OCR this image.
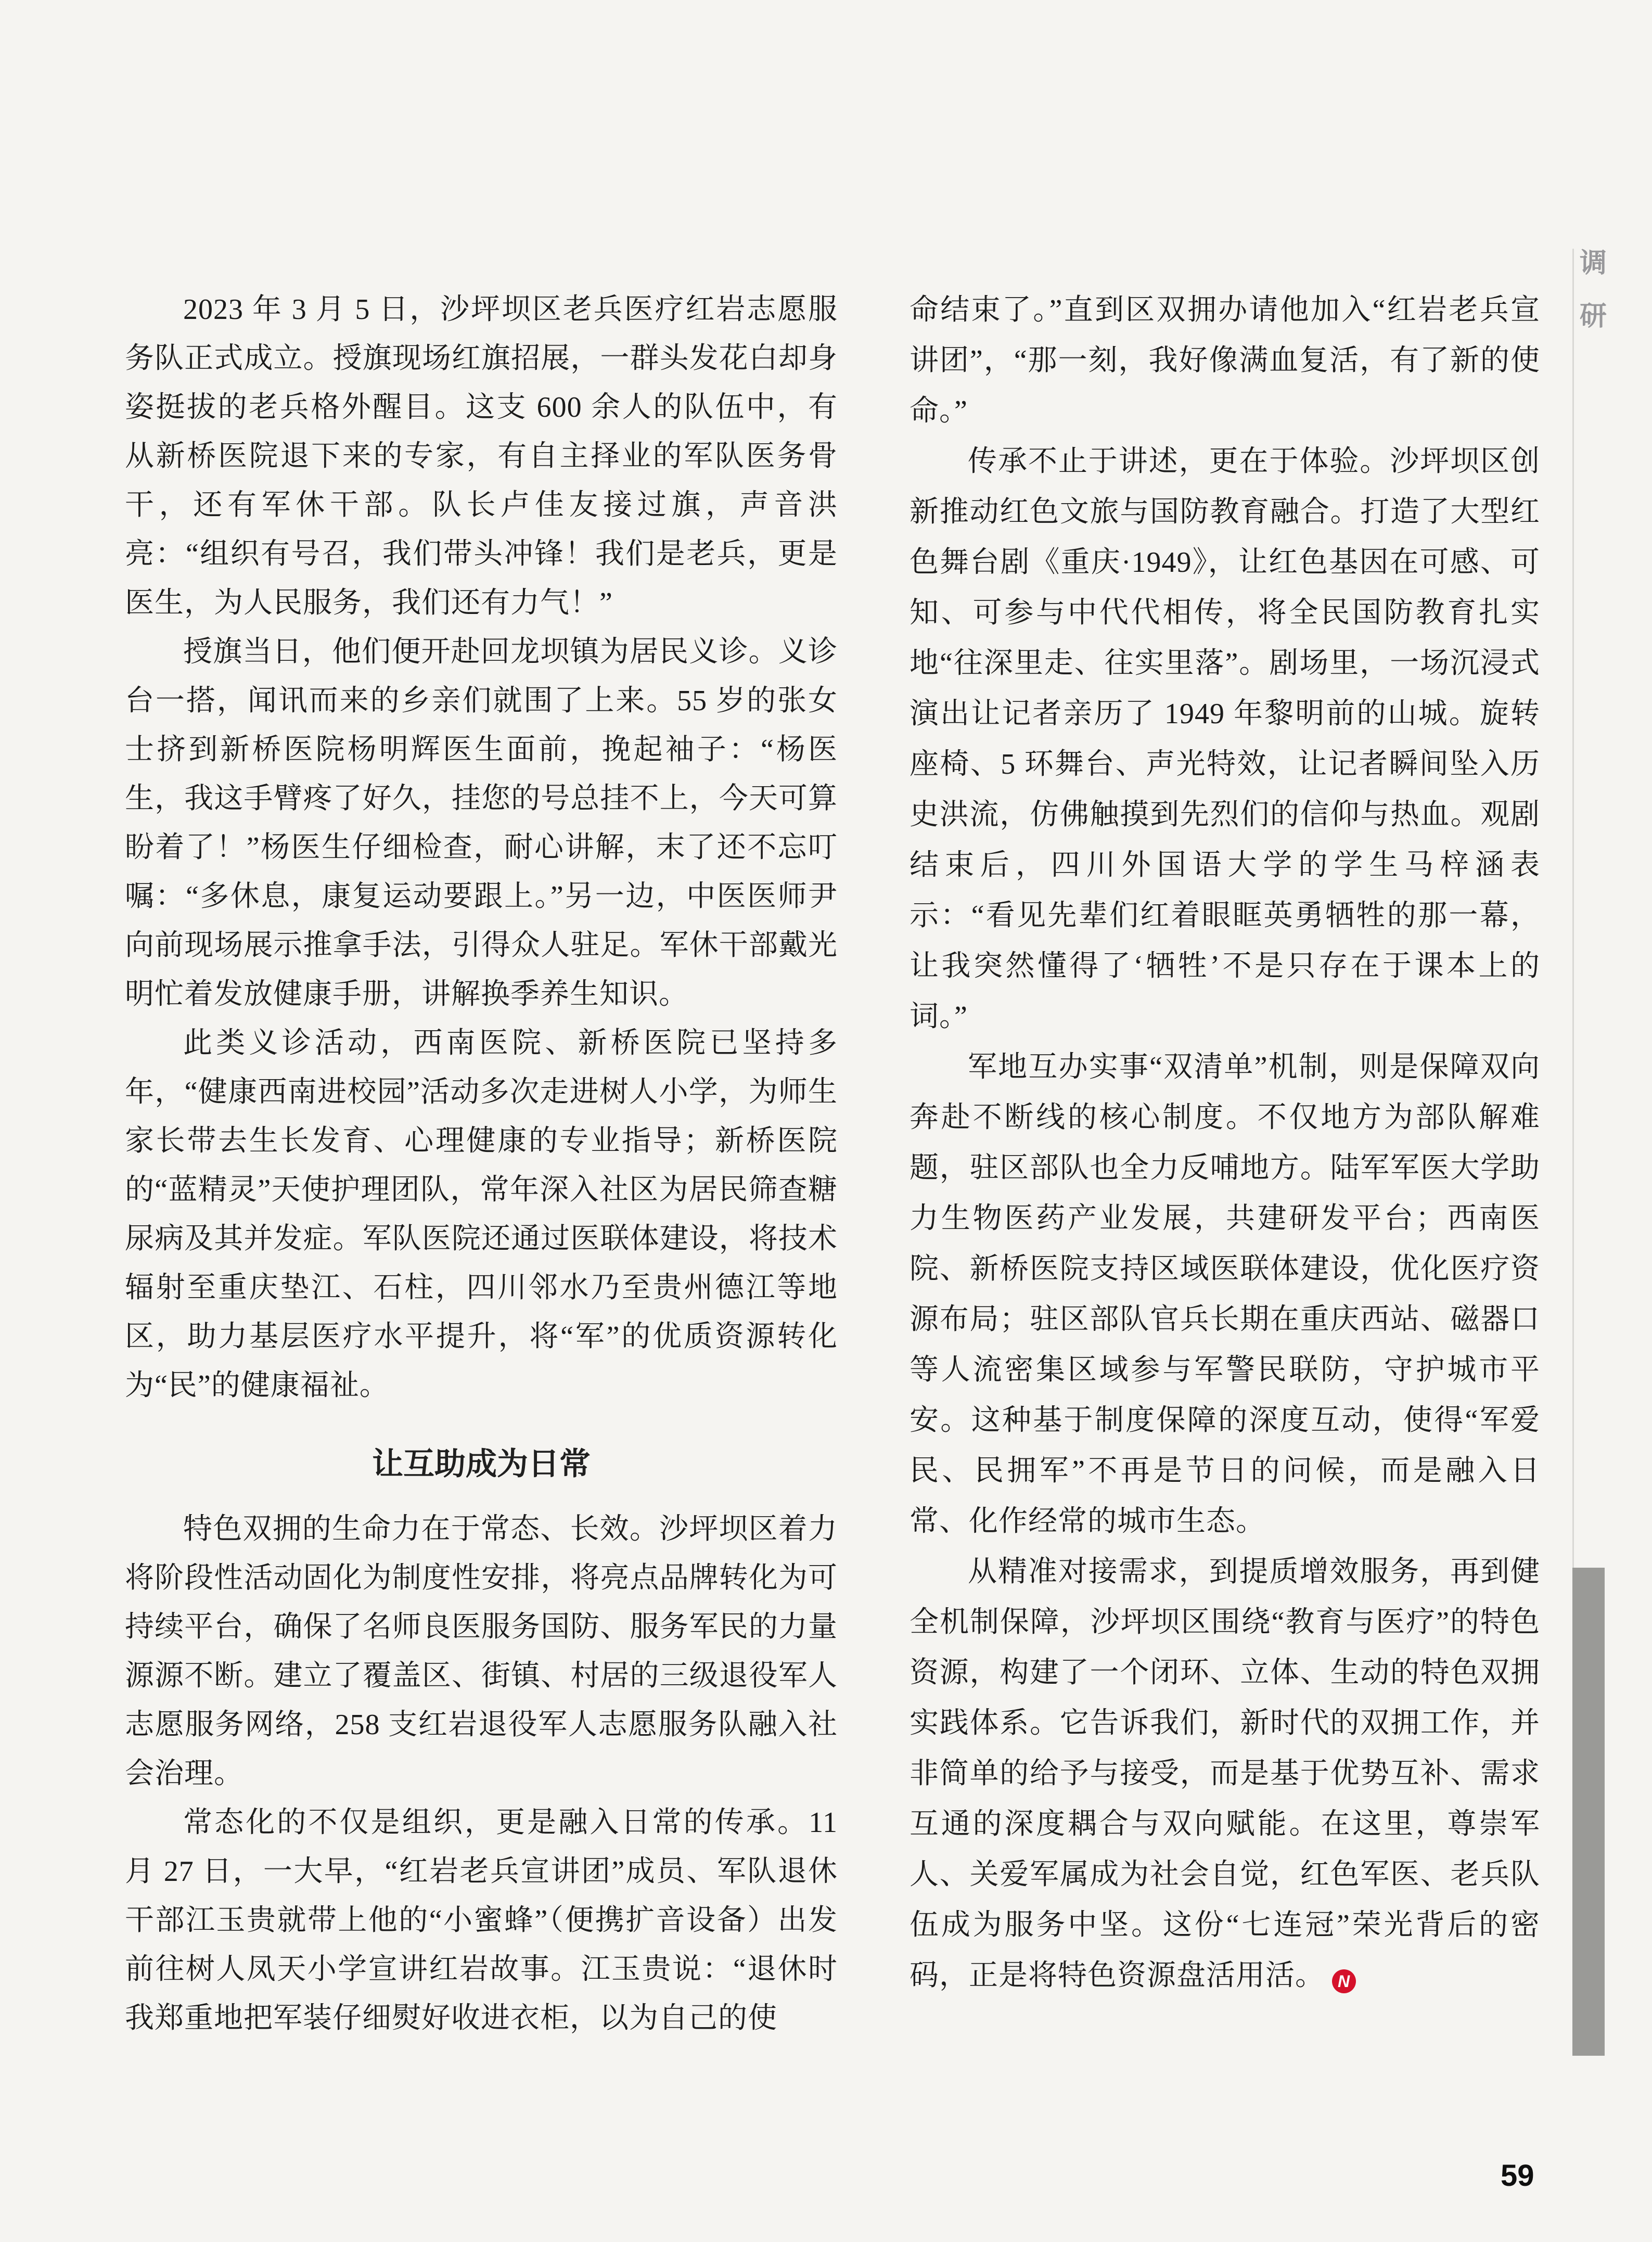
2023 年 3 月 5 日，沙坪坝区老兵医疗红岩志愿服务队正式成立。授旗现场红旗招展，一群头发花白却身姿挺拔的老兵格外醒目。这支 600 余人的队伍中，有从新桥医院退下来的专家，有自主择业的军队医务骨干，还有军休干部。队长卢佳友接过旗，声音洪亮：“组织有号召，我们带头冲锋！我们是老兵，更是医生，为人民服务，我们还有力气！”

授旗当日，他们便开赴回龙坝镇为居民义诊。义诊台一搭，闻讯而来的乡亲们就围了上来。55 岁的张女士挤到新桥医院杨明辉医生面前，挽起袖子：“杨医生，我这手臂疼了好久，挂您的号总挂不上，今天可算盼着了！”杨医生仔细检查，耐心讲解，末了还不忘叮嘱：“多休息，康复运动要跟上。”另一边，中医医师尹向前现场展示推拿手法，引得众人驻足。军休干部戴光明忙着发放健康手册，讲解换季养生知识。

此类义诊活动，西南医院、新桥医院已坚持多年，“健康西南进校园”活动多次走进树人小学，为师生家长带去生长发育、心理健康的专业指导；新桥医院的“蓝精灵”天使护理团队，常年深入社区为居民筛查糖尿病及其并发症。军队医院还通过医联体建设，将技术辐射至重庆垫江、石柱，四川邻水乃至贵州德江等地区，助力基层医疗水平提升，将“军”的优质资源转化为“民”的健康福祉。

让互助成为日常

特色双拥的生命力在于常态、长效。沙坪坝区着力将阶段性活动固化为制度性安排，将亮点品牌转化为可持续平台，确保了名师良医服务国防、服务军民的力量源源不断。建立了覆盖区、街镇、村居的三级退役军人志愿服务网络，258 支红岩退役军人志愿服务队融入社会治理。

常态化的不仅是组织，更是融入日常的传承。11 月 27 日，一大早，“红岩老兵宣讲团”成员、军队退休干部江玉贵就带上他的“小蜜蜂”（便携扩音设备）出发前往树人凤天小学宣讲红岩故事。江玉贵说：“退休时我郑重地把军装仔细熨好收进衣柜，以为自己的使

命结束了。”直到区双拥办请他加入“红岩老兵宣讲团”，“那一刻，我好像满血复活，有了新的使命。”

传承不止于讲述，更在于体验。沙坪坝区创新推动红色文旅与国防教育融合。打造了大型红色舞台剧《重庆·1949》，让红色基因在可感、可知、可参与中代代相传，将全民国防教育扎实地“往深里走、往实里落”。剧场里，一场沉浸式演出让记者亲历了 1949 年黎明前的山城。旋转座椅、5 环舞台、声光特效，让记者瞬间坠入历史洪流，仿佛触摸到先烈们的信仰与热血。观剧结束后，四川外国语大学的学生马梓涵表示：“看见先辈们红着眼眶英勇牺牲的那一幕，让我突然懂得了‘牺牲’不是只存在于课本上的词。”

军地互办实事“双清单”机制，则是保障双向奔赴不断线的核心制度。不仅地方为部队解难题，驻区部队也全力反哺地方。陆军军医大学助力生物医药产业发展，共建研发平台；西南医院、新桥医院支持区域医联体建设，优化医疗资源布局；驻区部队官兵长期在重庆西站、磁器口等人流密集区域参与军警民联防，守护城市平安。这种基于制度保障的深度互动，使得“军爱民、民拥军”不再是节日的问候，而是融入日常、化作经常的城市生态。

从精准对接需求，到提质增效服务，再到健全机制保障，沙坪坝区围绕“教育与医疗”的特色资源，构建了一个闭环、立体、生动的特色双拥实践体系。它告诉我们，新时代的双拥工作，并非简单的给予与接受，而是基于优势互补、需求互通的深度耦合与双向赋能。在这里，尊崇军人、关爱军属成为社会自觉，红色军医、老兵队伍成为服务中坚。这份“七连冠”荣光背后的密码，正是将特色资源盘活用活。 N

调
研
59
